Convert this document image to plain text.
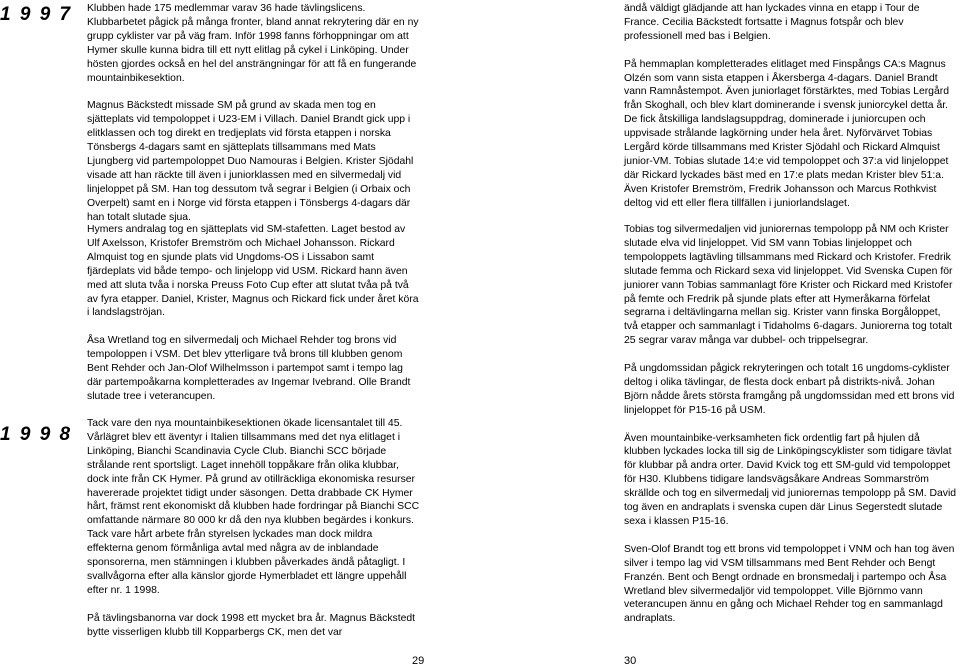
1 9 9 7
1 9 9 8

Klubben hade 175 medlemmar varav 36 hade tävlingslicens. Klubbarbetet pågick på många fronter, bland annat rekrytering där en ny grupp cyklister var på väg fram. Inför 1998 fanns förhoppningar om att Hymer skulle kunna bidra till ett nytt elitlag på cykel i Linköping. Under hösten gjordes också en hel del ansträngningar för att få en fungerande mountainbikesektion.

Magnus Bäckstedt missade SM på grund av skada men tog en sjätteplats vid tempoloppet i U23-EM i Villach. Daniel Brandt gick upp i elitklassen och tog direkt en tredjeplats vid första etappen i norska Tönsbergs 4-dagars samt en sjätteplats tillsammans med Mats Ljungberg vid partempoloppet Duo Namouras i Belgien. Krister Sjödahl visade att han räckte till även i juniorklassen med en silvermedalj vid linjeloppet på SM. Han tog dessutom två segrar i Belgien (i Orbaix och Overpelt) samt en i Norge vid första etappen i Tönsbergs 4-dagars där han totalt slutade sjua.

Hymers andralag tog en sjätteplats vid SM-stafetten. Laget bestod av Ulf Axelsson, Kristofer Bremström och Michael Johansson. Rickard Almquist tog en sjunde plats vid Ungdoms-OS i Lissabon samt fjärdeplats vid både tempo- och linjelopp vid USM. Rickard hann även med att sluta tvåa i norska Preuss Foto Cup efter att slutat tvåa på två av fyra etapper. Daniel, Krister, Magnus och Rickard fick under året köra i landslagströjan.

Åsa Wretland tog en silvermedalj och Michael Rehder tog brons vid tempoloppen i VSM. Det blev ytterligare två brons till klubben genom Bent Rehder och Jan-Olof Wilhelmsson i partempot samt i tempo lag där partempoåkarna kompletterades av Ingemar Ivebrand. Olle Brandt slutade tree i veterancupen.

Tack vare den nya mountainbikesektionen ökade licensantalet till 45. Vårlägret blev ett äventyr i Italien tillsammans med det nya elitlaget i Linköping, Bianchi Scandinavia Cycle Club. Bianchi SCC började strålande rent sportsligt. Laget innehöll toppåkare från olika klubbar, dock inte från CK Hymer. På grund av otillräckliga ekonomiska resurser havererade projektet tidigt under säsongen. Detta drabbade CK Hymer hårt, främst rent ekonomiskt då klubben hade fordringar på Bianchi SCC omfattande närmare 80 000 kr då den nya klubben begärdes i konkurs. Tack vare hårt arbete från styrelsen lyckades man dock mildra effekterna genom förmånliga avtal med några av de inblandade sponsorerna, men stämningen i klubben påverkades ändå påtagligt. I svallvågorna efter alla känslor gjorde Hymerbladet ett längre uppehåll efter nr. 1 1998.

På tävlingsbanorna var dock 1998 ett mycket bra år. Magnus Bäckstedt bytte visserligen klubb till Kopparbergs CK, men det var

29

ändå väldigt glädjande att han lyckades vinna en etapp i Tour de France. Cecilia Bäckstedt fortsatte i Magnus fotspår och blev professionell med bas i Belgien.

På hemmaplan kompletterades elitlaget med Finspångs CA:s Magnus Olzén som vann sista etappen i Åkersberga 4-dagars. Daniel Brandt vann Ramnåstempot. Även juniorlaget förstärktes, med Tobias Lergård från Skoghall, och blev klart dominerande i svensk juniorcykel detta år. De fick åtskilliga landslagsuppdrag, dominerade i juniorcupen och uppvisade strålande lagkörning under hela året. Nyförvärvet Tobias Lergård körde tillsammans med Krister Sjödahl och Rickard Almquist junior-VM. Tobias slutade 14:e vid tempoloppet och 37:a vid linjeloppet där Rickard lyckades bäst med en 17:e plats medan Krister blev 51:a. Även Kristofer Bremström, Fredrik Johansson och Marcus Rothkvist deltog vid ett eller flera tillfällen i juniorlandslaget.

Tobias tog silvermedaljen vid juniorernas tempolopp på NM och Krister slutade elva vid linjeloppet. Vid SM vann Tobias linjeloppet och tempoloppets lagtävling tillsammans med Rickard och Kristofer. Fredrik slutade femma och Rickard sexa vid linjeloppet. Vid Svenska Cupen för juniorer vann Tobias sammanlagt före Krister och Rickard med Kristofer på femte och Fredrik på sjunde plats efter att Hymeråkarna förfelat segrarna i deltävlingarna mellan sig. Krister vann finska Borgåloppet, två etapper och sammanlagt i Tidaholms 6-dagars. Juniorerna tog totalt 25 segrar varav många var dubbel- och trippelsegrar.

På ungdomssidan pågick rekryteringen och totalt 16 ungdoms-cyklister deltog i olika tävlingar, de flesta dock enbart på distrikts-nivå. Johan Björn nådde årets största framgång på ungdomssidan med ett brons vid linjeloppet för P15-16 på USM.

Även mountainbike-verksamheten fick ordentlig fart på hjulen då klubben lyckades locka till sig de Linköpingscyklister som tidigare tävlat för klubbar på andra orter. David Kvick tog ett SM-guld vid tempoloppet för H30. Klubbens tidigare landsvägsåkare Andreas Sommarström skrällde och tog en silvermedalj vid juniorernas tempolopp på SM. David tog även en andraplats i svenska cupen där Linus Segerstedt slutade sexa i klassen P15-16.

Sven-Olof Brandt tog ett brons vid tempoloppet i VNM och han tog även silver i tempo lag vid VSM tillsammans med Bent Rehder och Bengt Franzén. Bent och Bengt ordnade en bronsmedalj i partempo och Åsa Wretland blev silvermedaljör vid tempoloppet. Ville Björnmo vann veterancupen ännu en gång och Michael Rehder tog en sammanlagd andraplats.

30
